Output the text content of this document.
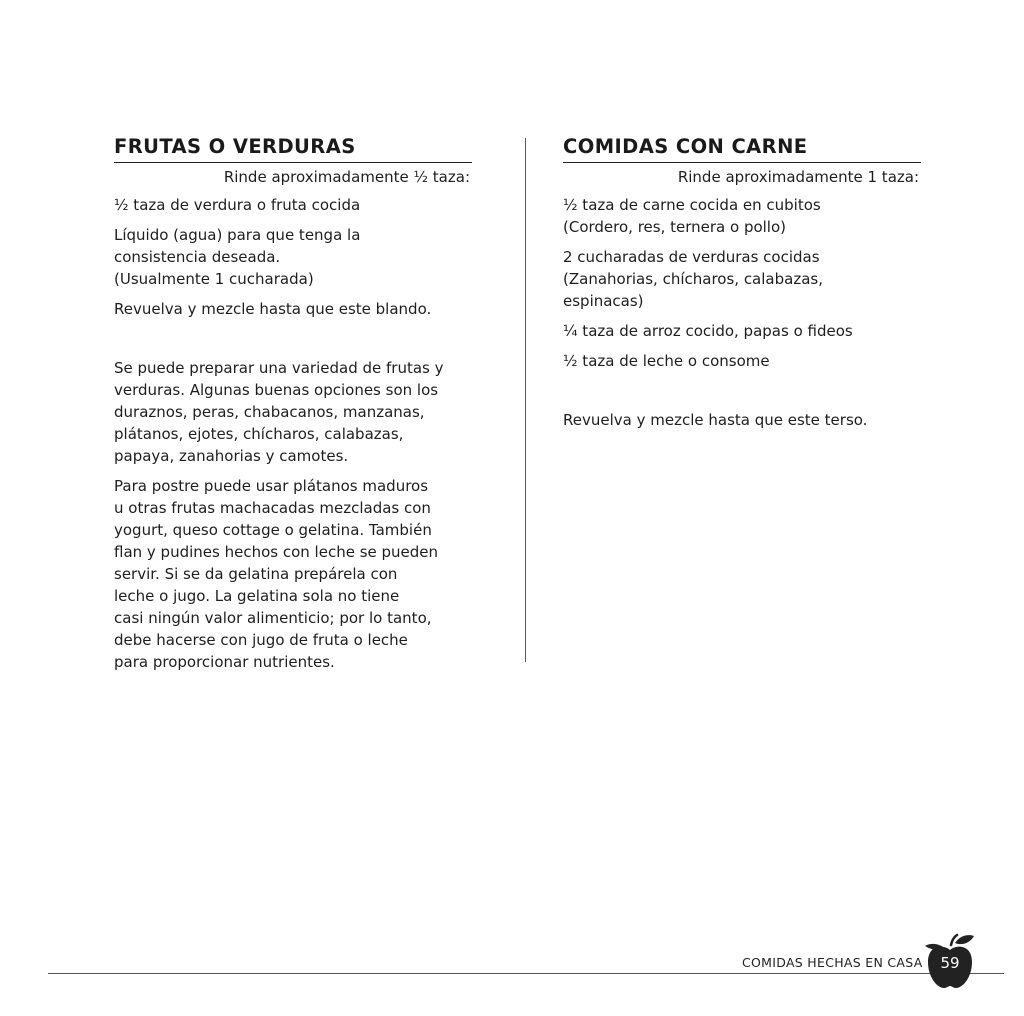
FRUTAS O VERDURAS
Rinde aproximadamente ½ taza:

½ taza de verdura o fruta cocida

Líquido (agua) para que tenga la
consistencia deseada.
(Usualmente 1 cucharada)

Revuelva y mezcle hasta que este blando.

Se puede preparar una variedad de frutas y
verduras. Algunas buenas opciones son los
duraznos, peras, chabacanos, manzanas,
plátanos, ejotes, chícharos, calabazas,
papaya, zanahorias y camotes.

Para postre puede usar plátanos maduros
u otras frutas machacadas mezcladas con
yogurt, queso cottage o gelatina. También
flan y pudines hechos con leche se pueden
servir. Si se da gelatina prepárela con
leche o jugo. La gelatina sola no tiene
casi ningún valor alimenticio; por lo tanto,
debe hacerse con jugo de fruta o leche
para proporcionar nutrientes.

COMIDAS CON CARNE
Rinde aproximadamente 1 taza:

½ taza de carne cocida en cubitos
(Cordero, res, ternera o pollo)

2 cucharadas de verduras cocidas
(Zanahorias, chícharos, calabazas,
espinacas)

¼ taza de arroz cocido, papas o fideos

½ taza de leche o consome

Revuelva y mezcle hasta que este terso.

COMIDAS HECHAS EN CASA	59
